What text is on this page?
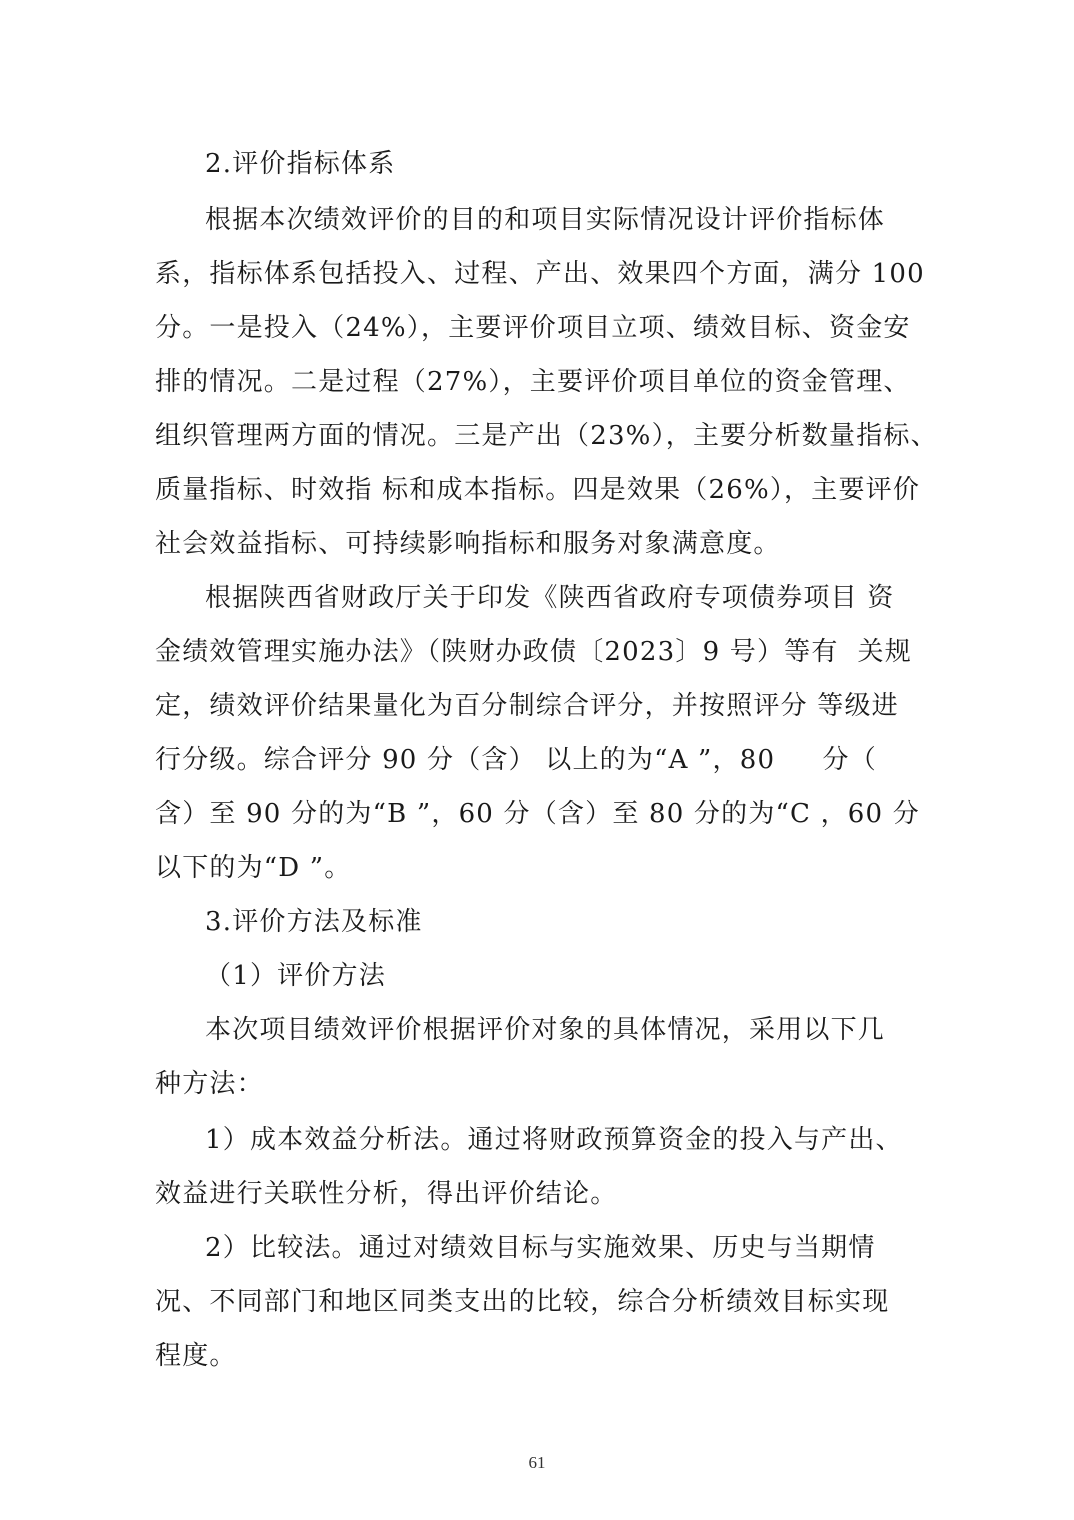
2.评价指标体系
根据本次绩效评价的目的和项目实际情况设计评价指标体
系，指标体系包括投入、过程、产出、效果四个方面，满分 100
分。一是投入（24%），主要评价项目立项、绩效目标、资金安
排的情况。二是过程（27%），主要评价项目单位的资金管理、
组织管理两方面的情况。三是产出（23%），主要分析数量指标、
质量指标、时效指 标和成本指标。四是效果（26%），主要评价
社会效益指标、可持续影响指标和服务对象满意度。
根据陕西省财政厅关于印发《陕西省政府专项债券项目 资
金绩效管理实施办法》（陕财办政债〔2023〕9 号）等有  关规
定，绩效评价结果量化为百分制综合评分，并按照评分 等级进
行分级。综合评分 90 分（含） 以上的为“A ”，80     分（
含）至 90 分的为“B ”，60 分（含）至 80 分的为“C ，60 分
以下的为“D ”。
3.评价方法及标准
（1）评价方法
本次项目绩效评价根据评价对象的具体情况，采用以下几
种方法：
1）成本效益分析法。通过将财政预算资金的投入与产出、
效益进行关联性分析，得出评价结论。
2）比较法。通过对绩效目标与实施效果、历史与当期情
况、不同部门和地区同类支出的比较，综合分析绩效目标实现
程度。
61
